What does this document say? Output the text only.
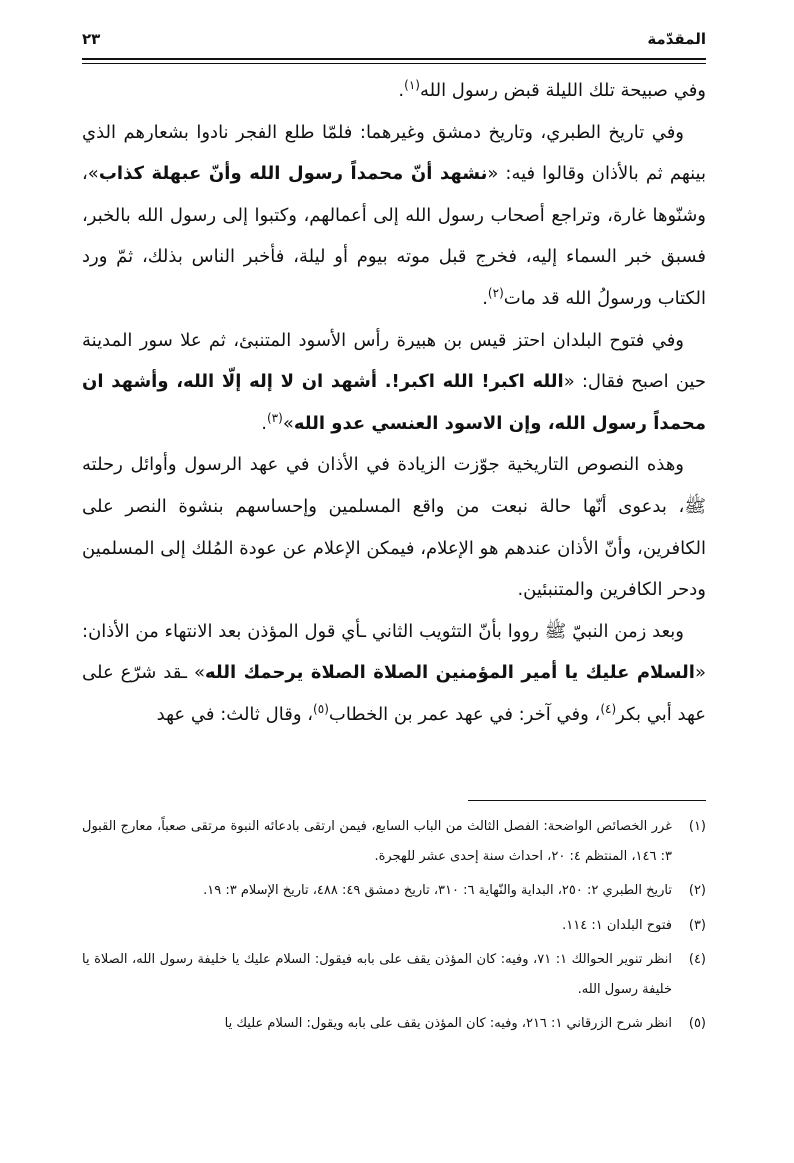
المقدّمة
٢٣

وفي صبيحة تلك الليلة قبض رسول الله$^{(١)}$.

وفي تاريخ الطبري، وتاريخ دمشق وغيرهما: فلمّا طلع الفجر نادوا بشعارهم الذي بينهم ثم بالأذان وقالوا فيه: «نشهد أنّ محمداً رسول الله وأنّ عبهلة كذاب»، وشنّوها غارة، وتراجع أصحاب رسول الله إلى أعمالهم، وكتبوا إلى رسول الله بالخبر، فسبق خبر السماء إليه، فخرج قبل موته بيوم أو ليلة، فأخبر الناس بذلك، ثمّ ورد الكتاب ورسولُ الله قد مات$^{(٢)}$.

وفي فتوح البلدان احتز قيس بن هبيرة رأس الأسود المتنبئ، ثم علا سور المدينة حين اصبح فقال: «الله اكبر! الله اكبر!. أشهد ان لا إله إلّا الله، وأشهد ان محمداً رسول الله، وإن الاسود العنسي عدو الله»$^{(٣)}$.

وهذه النصوص التاريخية جوّزت الزيادة في الأذان في عهد الرسول وأوائل رحلته ﷺ، بدعوى أنّها حالة نبعت من واقع المسلمين وإحساسهم بنشوة النصر على الكافرين، وأنّ الأذان عندهم هو الإعلام، فيمكن الإعلام عن عودة المُلك إلى المسلمين ودحر الكافرين والمتنبئين.

وبعد زمن النبيّ ﷺ رووا بأنّ التثويب الثاني ـأي قول المؤذن بعد الانتهاء من الأذان: «السلام عليك يا أمير المؤمنين الصلاة الصلاة يرحمك الله» ـقد شرّع على عهد أبي بكر$^{(٤)}$، وفي آخر: في عهد عمر بن الخطاب$^{(٥)}$، وقال ثالث: في عهد

(١)غرر الخصائص الواضحة: الفصل الثالث من الباب السابع، فيمن ارتقى بادعائه النبوة مرتقى صعباً، معارج القبول ٣: ١٤٦، المنتظم ٤: ٢٠، احداث سنة إحدى عشر للهجرة.

(٢)تاريخ الطبري ٢: ٢٥٠، البداية والنّهاية ٦: ٣١٠، تاريخ دمشق ٤٩: ٤٨٨، تاريخ الإسلام ٣: ١٩.

(٣)فتوح البلدان ١: ١١٤.

(٤)انظر تنوير الحوالك ١: ٧١، وفيه: كان المؤذن يقف على بابه فيقول: السلام عليك يا خليفة رسول الله، الصلاة يا خليفة رسول الله.

(٥)انظر شرح الزرقاني ١: ٢١٦، وفيه: كان المؤذن يقف على بابه ويقول: السلام عليك يا
